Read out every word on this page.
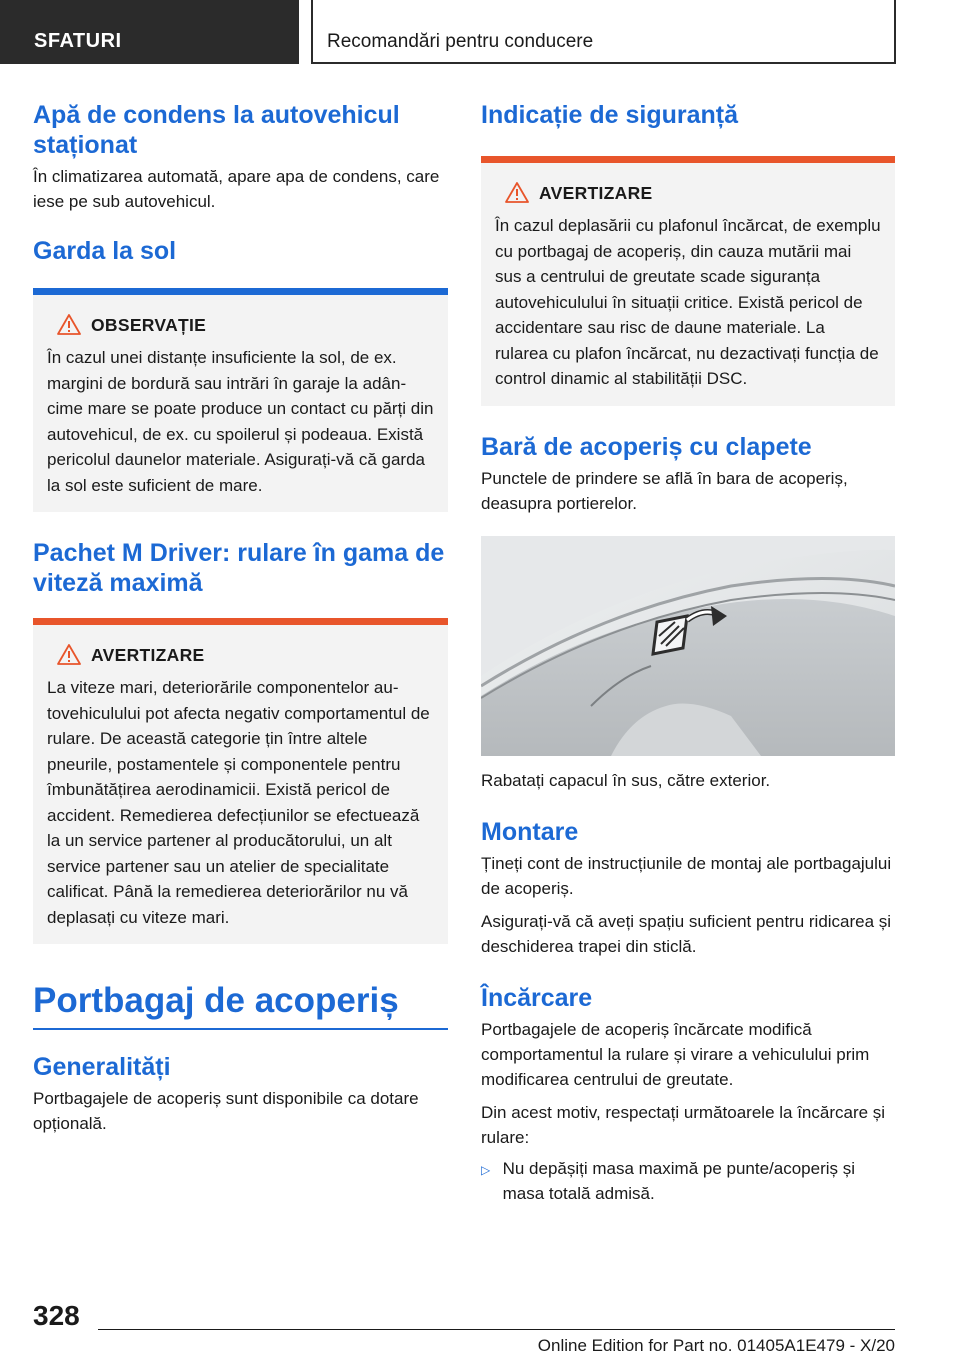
SFATURI	Recomandări pentru conducere
Apă de condens la autovehicul staționat

În climatizarea automată, apare apa de condens, care iese pe sub autovehicul.

Garda la sol
OBSERVAȚIE

În cazul unei distanțe insuficiente la sol, de ex. margini de bordură sau intrări în garaje la adâncime mare se poate produce un contact cu părți din autovehicul, de ex. cu spoilerul și podeaua. Există pericolul daunelor materiale. Asigurați-vă că garda la sol este suficient de mare.

Pachet M Driver: rulare în gama de viteză maximă
AVERTIZARE

La viteze mari, deteriorările componentelor autovehiculului pot afecta negativ comportamentul de rulare. De această categorie țin între altele pneurile, postamentele și componentele pentru îmbunătățirea aerodinamicii. Există pericol de accident. Remedierea defecțiunilor se efectuează la un service partener al producătorului, un alt service partener sau un atelier de specialitate calificat. Până la remedierea deteriorărilor nu vă deplasați cu viteze mari.

Portbagaj de acoperiș
Generalități

Portbagajele de acoperiș sunt disponibile ca dotare opțională.

Indicație de siguranță
AVERTIZARE

În cazul deplasării cu plafonul încărcat, de exemplu cu portbagaj de acoperiș, din cauza mutării mai sus a centrului de greutate scade siguranța autovehiculului în situații critice. Există pericol de accidentare sau risc de daune materiale. La rularea cu plafon încărcat, nu dezactivați funcția de control dinamic al stabilității DSC.

Bară de acoperiș cu clapete

Punctele de prindere se află în bara de acoperiș, deasupra portierelor.

Rabatați capacul în sus, către exterior.

Montare

Țineți cont de instrucțiunile de montaj ale portbagajului de acoperiș.

Asigurați-vă că aveți spațiu suficient pentru ridicarea și deschiderea trapei din sticlă.

Încărcare

Portbagajele de acoperiș încărcate modifică comportamentul la rulare și virare a vehiculului prim modificarea centrului de greutate.

Din acest motiv, respectați următoarele la încărcare și rulare:

▷ Nu depășiți masa maximă pe punte/acoperiș și masa totală admisă.
328
Online Edition for Part no. 01405A1E479 - X/20
